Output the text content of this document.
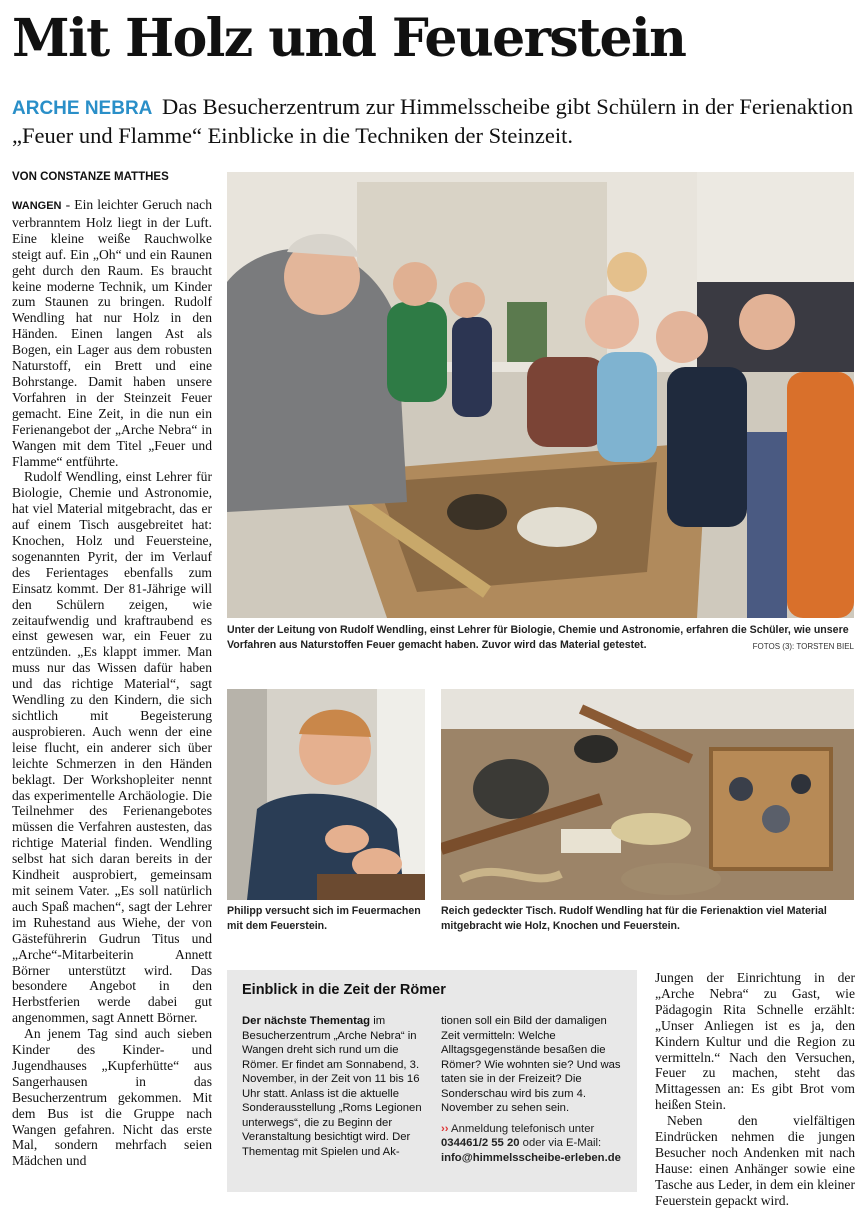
Mit Holz und Feuerstein

ARCHE NEBRA Das Besucherzentrum zur Himmelsscheibe gibt Schülern in der Ferienaktion „Feuer und Flamme“ Einblicke in die Techniken der Steinzeit.

VON CONSTANZE MATTHES

WANGEN - Ein leichter Geruch nach verbranntem Holz liegt in der Luft. Eine kleine weiße Rauchwolke steigt auf. Ein „Oh“ und ein Raunen geht durch den Raum. Es braucht keine moderne Technik, um Kinder zum Staunen zu bringen. Rudolf Wendling hat nur Holz in den Händen. Einen langen Ast als Bogen, ein Lager aus dem robusten Naturstoff, ein Brett und eine Bohrstange. Damit haben unsere Vorfahren in der Steinzeit Feuer gemacht. Eine Zeit, in die nun ein Ferienangebot der „Arche Nebra“ in Wangen mit dem Titel „Feuer und Flamme“ entführte.

Rudolf Wendling, einst Lehrer für Biologie, Chemie und Astronomie, hat viel Material mitgebracht, das er auf einem Tisch ausgebreitet hat: Knochen, Holz und Feuersteine, sogenannten Pyrit, der im Verlauf des Ferientages ebenfalls zum Einsatz kommt. Der 81-Jährige will den Schülern zeigen, wie zeitaufwendig und kraftraubend es einst gewesen war, ein Feuer zu entzünden. „Es klappt immer. Man muss nur das Wissen dafür haben und das richtige Material“, sagt Wendling zu den Kindern, die sich sichtlich mit Begeisterung ausprobieren. Auch wenn der eine leise flucht, ein anderer sich über leichte Schmerzen in den Händen beklagt. Der Workshopleiter nennt das experimentelle Archäologie. Die Teilnehmer des Ferienangebotes müssen die Verfahren austesten, das richtige Material finden. Wendling selbst hat sich daran bereits in der Kindheit ausprobiert, gemeinsam mit seinem Vater. „Es soll natürlich auch Spaß machen“, sagt der Lehrer im Ruhestand aus Wiehe, der von Gästeführerin Gudrun Titus und „Arche“-Mitarbeiterin Annett Börner unterstützt wird. Das besondere Angebot in den Herbstferien werde dabei gut angenommen, sagt Annett Börner.

An jenem Tag sind auch sieben Kinder des Kinder- und Jugendhauses „Kupferhütte“ aus Sangerhausen in das Besucherzentrum gekommen. Mit dem Bus ist die Gruppe nach Wangen gefahren. Nicht das erste Mal, sondern mehrfach seien Mädchen und

Unter der Leitung von Rudolf Wendling, einst Lehrer für Biologie, Chemie und Astronomie, erfahren die Schüler, wie unsere Vorfahren aus Naturstoffen Feuer gemacht haben. Zuvor wird das Material getestet.	FOTOS (3): TORSTEN BIEL

Philipp versucht sich im Feuermachen mit dem Feuerstein.

Reich gedeckter Tisch. Rudolf Wendling hat für die Ferienaktion viel Material mitgebracht wie Holz, Knochen und Feuerstein.

Einblick in die Zeit der Römer

Der nächste Thementag im Besucherzentrum „Arche Nebra“ in Wangen dreht sich rund um die Römer. Er findet am Sonnabend, 3. November, in der Zeit von 11 bis 16 Uhr statt. Anlass ist die aktuelle Sonderausstellung „Roms Legionen unterwegs“, die zu Beginn der Veranstaltung besichtigt wird. Der Thementag mit Spielen und Ak-

tionen soll ein Bild der damaligen Zeit vermitteln: Welche Alltagsgegenstände besaßen die Römer? Wie wohnten sie? Und was taten sie in der Freizeit? Die Sonderschau wird bis zum 4. November zu sehen sein.

›› Anmeldung telefonisch unter
034461/2 55 20 oder via E-Mail:
info@himmelsscheibe-erleben.de

Jungen der Einrichtung in der „Arche Nebra“ zu Gast, wie Pädagogin Rita Schnelle erzählt: „Unser Anliegen ist es ja, den Kindern Kultur und die Region zu vermitteln.“ Nach den Versuchen, Feuer zu machen, steht das Mittagessen an: Es gibt Brot vom heißen Stein.

Neben den vielfältigen Eindrücken nehmen die jungen Besucher noch Andenken mit nach Hause: einen Anhänger sowie eine Tasche aus Leder, in dem ein kleiner Feuerstein gepackt wird.
